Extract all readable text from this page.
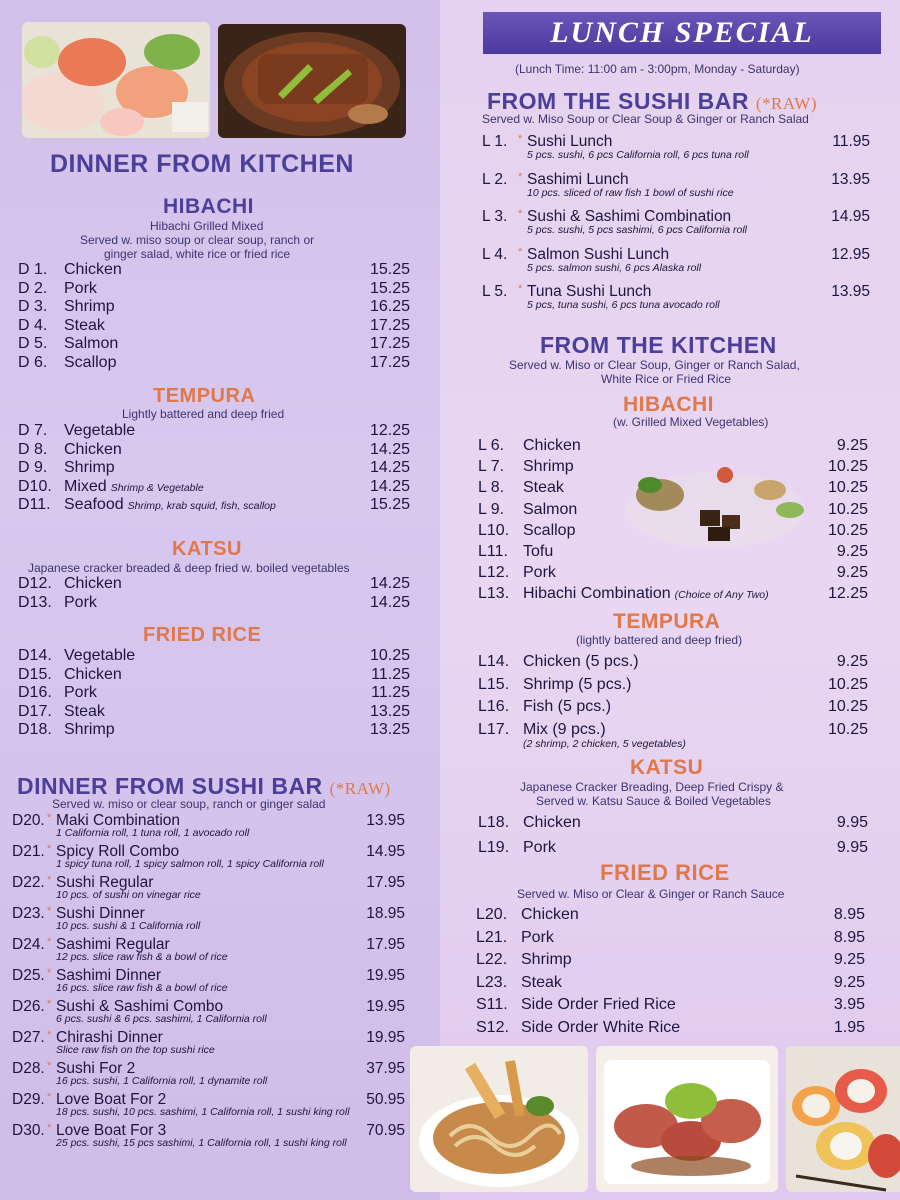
DINNER FROM KITCHEN
HIBACHI
Hibachi Grilled Mixed
Served w. miso soup or clear soup, ranch or
ginger salad, white rice or fried rice
D 1. Chicken	15.25
D 2. Pork	15.25
D 3. Shrimp	16.25
D 4. Steak	17.25
D 5. Salmon	17.25
D 6. Scallop	17.25
TEMPURA
Lightly battered and deep fried
D 7. Vegetable	12.25
D 8. Chicken	14.25
D 9. Shrimp	14.25
D10. Mixed Shrimp & Vegetable	14.25
D11. Seafood Shrimp, krab squid, fish, scallop	15.25
KATSU
Japanese cracker breaded & deep fried w. boiled vegetables
D12. Chicken	14.25
D13. Pork	14.25
FRIED RICE
D14. Vegetable	10.25
D15. Chicken	11.25
D16. Pork	11.25
D17. Steak	13.25
D18. Shrimp	13.25
DINNER FROM SUSHI BAR (*RAW)
Served w. miso or clear soup, ranch or ginger salad
D20. * Maki Combination	13.95
1 California roll, 1 tuna roll, 1 avocado roll
D21. * Spicy Roll Combo	14.95
1 spicy tuna roll, 1 spicy salmon roll, 1 spicy California roll
D22. * Sushi Regular	17.95
10 pcs. of sushi on vinegar rice
D23. * Sushi Dinner	18.95
10 pcs. sushi & 1 California roll
D24. * Sashimi Regular	17.95
12 pcs. slice raw fish & a bowl of rice
D25. * Sashimi Dinner	19.95
16 pcs. slice raw fish & a bowl of rice
D26. * Sushi & Sashimi Combo	19.95
6 pcs. sushi & 6 pcs. sashimi, 1 California roll
D27. * Chirashi Dinner	19.95
Slice raw fish on the top sushi rice
D28. * Sushi For 2	37.95
16 pcs. sushi, 1 California roll, 1 dynamite roll
D29. * Love Boat For 2	50.95
18 pcs. sushi, 10 pcs. sashimi, 1 California roll, 1 sushi king roll
D30. * Love Boat For 3	70.95
25 pcs. sushi, 15 pcs sashimi, 1 California roll, 1 sushi king roll
LUNCH SPECIAL
(Lunch Time: 11:00 am - 3:00pm, Monday - Saturday)
FROM THE SUSHI BAR (*RAW)
Served w. Miso Soup or Clear Soup & Ginger or Ranch Salad
L 1. * Sushi Lunch	11.95
5 pcs. sushi, 6 pcs California roll, 6 pcs tuna roll
L 2. * Sashimi Lunch	13.95
10 pcs. sliced of raw fish 1 bowl of sushi rice
L 3. * Sushi & Sashimi Combination	14.95
5 pcs. sushi, 5 pcs sashimi, 6 pcs California roll
L 4. * Salmon Sushi Lunch	12.95
5 pcs. salmon sushi, 6 pcs Alaska roll
L 5. * Tuna Sushi Lunch	13.95
5 pcs, tuna sushi, 6 pcs tuna avocado roll
FROM THE KITCHEN
Served w. Miso or Clear Soup, Ginger or Ranch Salad,
White Rice or Fried Rice
HIBACHI
(w. Grilled Mixed Vegetables)
L 6. Chicken	9.25
L 7. Shrimp	10.25
L 8. Steak	10.25
L 9. Salmon	10.25
L10. Scallop	10.25
L11. Tofu	9.25
L12. Pork	9.25
L13. Hibachi Combination (Choice of Any Two)	12.25
TEMPURA
(lightly battered and deep fried)
L14. Chicken (5 pcs.)	9.25
L15. Shrimp (5 pcs.)	10.25
L16. Fish (5 pcs.)	10.25
L17. Mix (9 pcs.)	10.25
(2 shrimp, 2 chicken, 5 vegetables)
KATSU
Japanese Cracker Breading, Deep Fried Crispy &
Served w. Katsu Sauce & Boiled Vegetables
L18. Chicken	9.95
L19. Pork	9.95
FRIED RICE
Served w. Miso or Clear & Ginger or Ranch Sauce
L20. Chicken	8.95
L21. Pork	8.95
L22. Shrimp	9.25
L23. Steak	9.25
S11. Side Order Fried Rice	3.95
S12. Side Order White Rice	1.95
